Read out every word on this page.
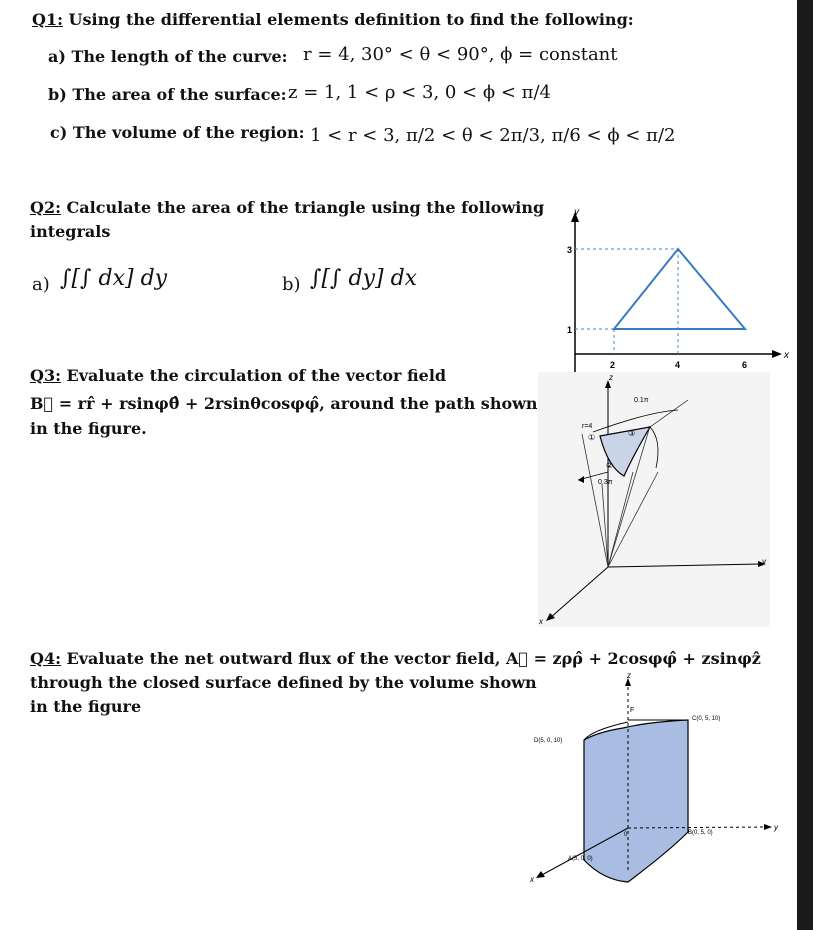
Q1: Using the differential elements definition to find the following:
a) The length of the curve: r = 4, 30° < θ < 90°, ϕ = constant
b) The area of the surface: z = 1, 1 < ρ < 3, 0 < ϕ < π/4
c) The volume of the region: 1 < r < 3, π/2 < θ < 2π/3, π/6 < ϕ < π/2
Q2: Calculate the area of the triangle using the following
integrals
a) ∫[∫ dx] dy	b) ∫[∫ dy] dx
y
x
3
1
2	4	6
Q3: Evaluate the circulation of the vector field
B⃗ = rr̂ + rsinφθ̂ + 2rsinθcosφφ̂, around the path shown
in the figure.
z
y
x
0.1π
0.3π
r=4
①
②
③
Q4: Evaluate the net outward flux of the vector field, A⃗ = zρρ̂ + 2cosφφ̂ + zsinφẑ
through the closed surface defined by the volume shown
in the figure
z
y
x
F
C(0, 5, 10)
D(5, 0, 10)
B(0, 5, 0)
A(5, 0, 0)
0
